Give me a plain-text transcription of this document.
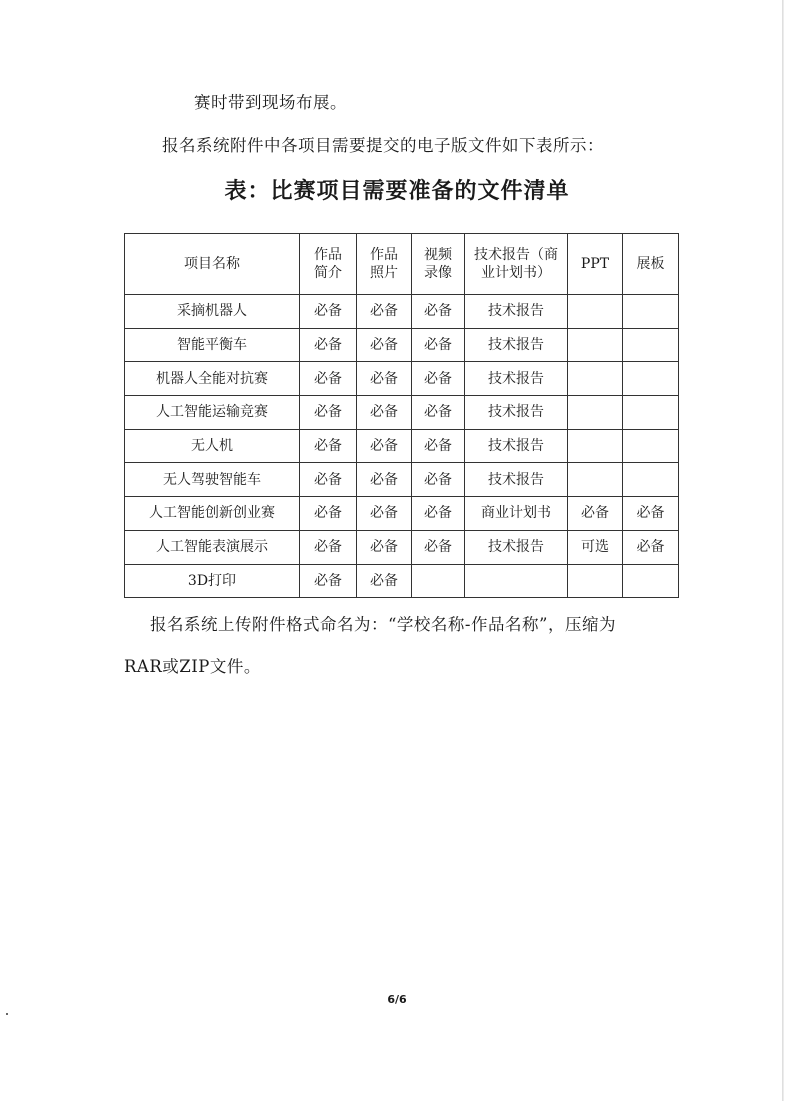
赛时带到现场布展。

报名系统附件中各项目需要提交的电子版文件如下表所示：

表：比赛项目需要准备的文件清单
项目名称	作品简介	作品照片	视频录像	技术报告（商业计划书）	PPT	展板
采摘机器人	必备	必备	必备	技术报告		
智能平衡车	必备	必备	必备	技术报告		
机器人全能对抗赛	必备	必备	必备	技术报告		
人工智能运输竞赛	必备	必备	必备	技术报告		
无人机	必备	必备	必备	技术报告		
无人驾驶智能车	必备	必备	必备	技术报告		
人工智能创新创业赛	必备	必备	必备	商业计划书	必备	必备
人工智能表演展示	必备	必备	必备	技术报告	可选	必备
3D打印	必备	必备				

报名系统上传附件格式命名为：“学校名称-作品名称”，压缩为

RAR或ZIP文件。

6/6
